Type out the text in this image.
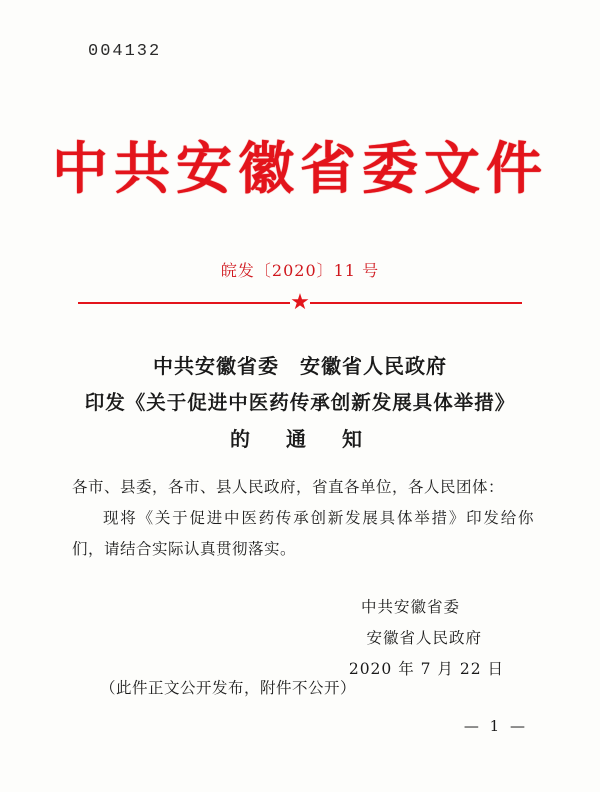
004132
中共安徽省委文件
皖发〔2020〕11 号
★
中共安徽省委　安徽省人民政府
印发《关于促进中医药传承创新发展具体举措》
的　通　知
各市、县委，各市、县人民政府，省直各单位，各人民团体：
现将《关于促进中医药传承创新发展具体举措》印发给你们，请结合实际认真贯彻落实。
中共安徽省委
安徽省人民政府
2020 年 7 月 22 日
（此件正文公开发布，附件不公开）
— 1 —
